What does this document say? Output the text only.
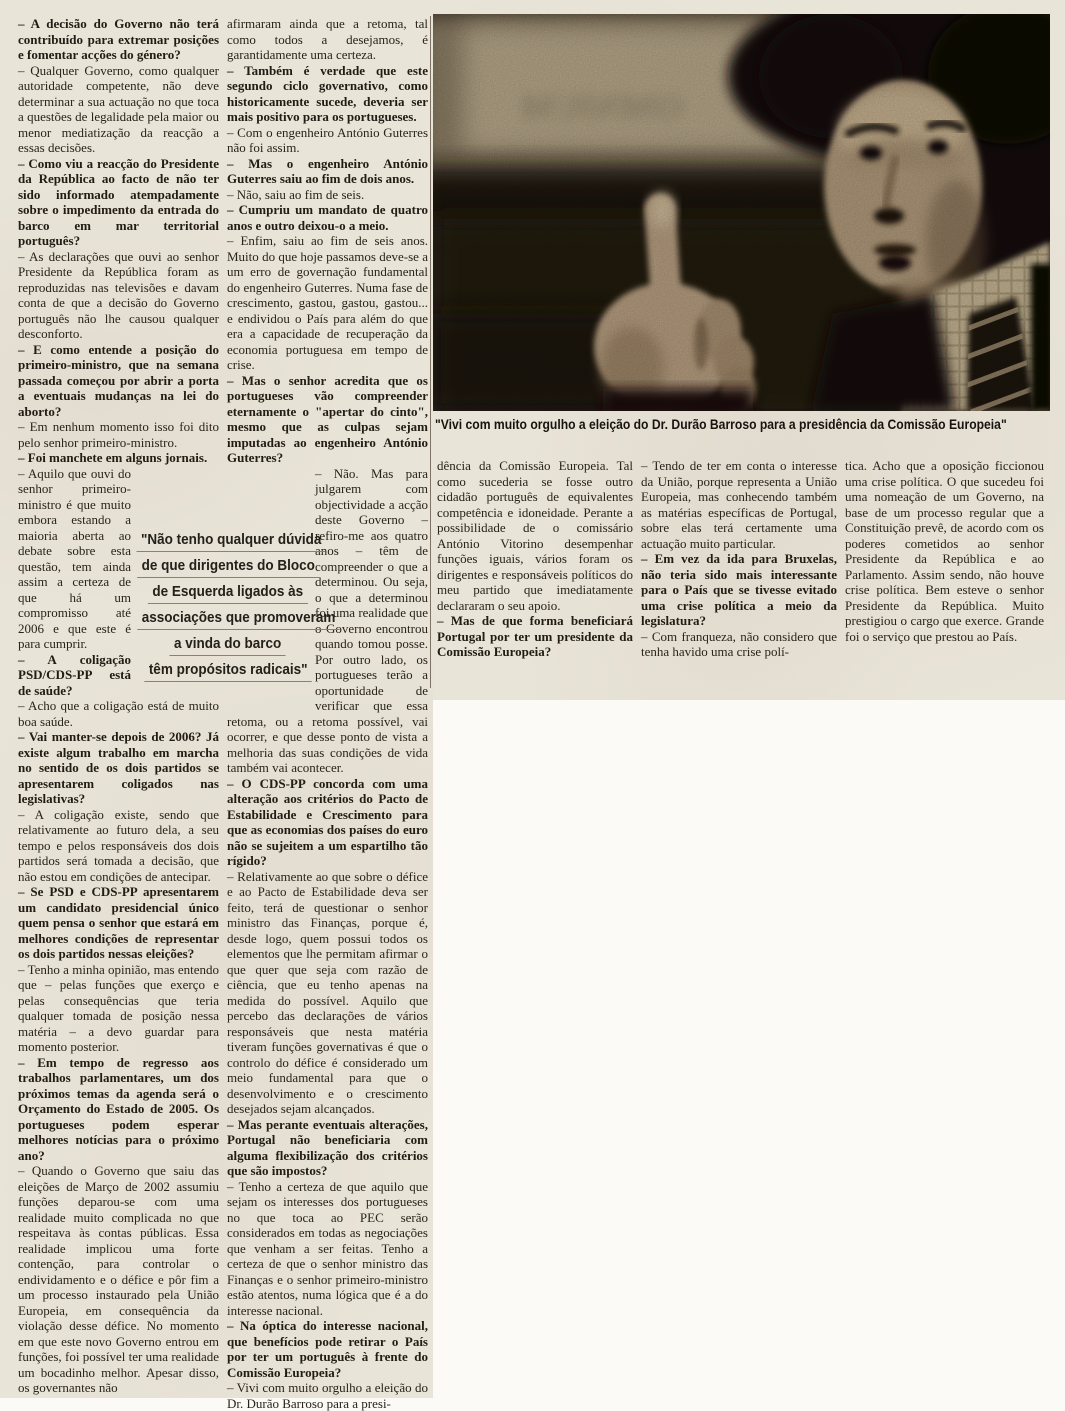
OMNIUM
"Vivi com muito orgulho a eleição do Dr. Durão Barroso para a presidência da Comissão Europeia"

– A decisão do Governo não terá contribuído para extremar posições e fomentar acções do género?

– Qualquer Governo, como qualquer autoridade competente, não deve determinar a sua actuação no que toca a questões de legalidade pela maior ou menor mediatização da reacção a essas decisões.

– Como viu a reacção do Presidente da República ao facto de não ter sido informado atempadamente sobre o impedimento da entrada do barco em mar territorial português?

– As declarações que ouvi ao senhor Presidente da República foram as reproduzidas nas televisões e davam conta de que a decisão do Governo português não lhe causou qualquer desconforto.

– E como entende a posição do primeiro-ministro, que na semana passada começou por abrir a porta a eventuais mudanças na lei do aborto?

– Em nenhum momento isso foi dito pelo senhor primeiro-ministro.

– Foi manchete em alguns jornais.

– Aquilo que ouvi do senhor primeiro-ministro é que muito embora estando a maioria aberta ao debate sobre esta questão, tem ainda assim a certeza de que há um compromisso até 2006 e que este é para cumprir.

– A coligação PSD/CDS-PP está de saúde?

– Acho que a coligação está de muito boa saúde.

– Vai manter-se depois de 2006? Já existe algum trabalho em marcha no sentido de os dois partidos se apresentarem coligados nas legislativas?

– A coligação existe, sendo que relativamente ao futuro dela, a seu tempo e pelos responsáveis dos dois partidos será tomada a decisão, que não estou em condições de antecipar.

– Se PSD e CDS-PP apresentarem um candidato presidencial único quem pensa o senhor que estará em melhores condições de representar os dois partidos nessas eleições?

– Tenho a minha opinião, mas entendo que – pelas funções que exerço e pelas consequências que teria qualquer tomada de posição nessa matéria – a devo guardar para momento posterior.

– Em tempo de regresso aos trabalhos parlamentares, um dos próximos temas da agenda será o Orçamento do Estado de 2005. Os portugueses podem esperar melhores notícias para o próximo ano?

– Quando o Governo que saiu das eleições de Março de 2002 assumiu funções deparou-se com uma realidade muito complicada no que respeitava às contas públicas. Essa realidade implicou uma forte contenção, para controlar o endividamento e o défice e pôr fim a um processo instaurado pela União Europeia, em consequência da violação desse défice. No momento em que este novo Governo entrou em funções, foi possível ter uma realidade um bocadinho melhor. Apesar disso, os governantes não

afirmaram ainda que a retoma, tal como todos a desejamos, é garantidamente uma certeza.

– Também é verdade que este segundo ciclo governativo, como historicamente sucede, deveria ser mais positivo para os portugueses.

– Com o engenheiro António Guterres não foi assim.

– Mas o engenheiro António Guterres saiu ao fim de dois anos.

– Não, saiu ao fim de seis.

– Cumpriu um mandato de quatro anos e outro deixou-o a meio.

– Enfim, saiu ao fim de seis anos. Muito do que hoje passamos deve-se a um erro de governação fundamental do engenheiro Guterres. Numa fase de crescimento, gastou, gastou, gastou... e endividou o País para além do que era a capacidade de recuperação da economia portuguesa em tempo de crise.

– Mas o senhor acredita que os portugueses vão compreender eternamente o "apertar do cinto", mesmo que as culpas sejam imputadas ao engenheiro António Guterres?

– Não. Mas para julgarem com objectividade a acção deste Governo – refiro-me aos quatro anos – têm de compreender o que a determinou. Ou seja, o que a determinou foi uma realidade que o Governo encontrou quando tomou posse. Por outro lado, os portugueses terão a oportunidade de verificar que essa retoma, ou a retoma possível, vai ocorrer, e que desse ponto de vista a melhoria das suas condições de vida também vai acontecer.

– O CDS-PP concorda com uma alteração aos critérios do Pacto de Estabilidade e Crescimento para que as economias dos países do euro não se sujeitem a um espartilho tão rígido?

– Relativamente ao que sobre o défice e ao Pacto de Estabilidade deva ser feito, terá de questionar o senhor ministro das Finanças, porque é, desde logo, quem possui todos os elementos que lhe permitam afirmar o que quer que seja com razão de ciência, que eu tenho apenas na medida do possível. Aquilo que percebo das declarações de vários responsáveis que nesta matéria tiveram funções governativas é que o controlo do défice é considerado um meio fundamental para que o desenvolvimento e o crescimento desejados sejam alcançados.

– Mas perante eventuais alterações, Portugal não beneficiaria com alguma flexibilização dos critérios que são impostos?

– Tenho a certeza de que aquilo que sejam os interesses dos portugueses no que toca ao PEC serão considerados em todas as negociações que venham a ser feitas. Tenho a certeza de que o senhor ministro das Finanças e o senhor primeiro-ministro estão atentos, numa lógica que é a do interesse nacional.

– Na óptica do interesse nacional, que benefícios pode retirar o País por ter um português à frente do Comissão Europeia?

– Vivi com muito orgulho a eleição do Dr. Durão Barroso para a presi-

dência da Comissão Europeia. Tal como sucederia se fosse outro cidadão português de equivalentes competência e idoneidade. Perante a possibilidade de o comissário António Vitorino desempenhar funções iguais, vários foram os dirigentes e responsáveis políticos do meu partido que imediatamente declararam o seu apoio.

– Mas de que forma beneficiará Portugal por ter um presidente da Comissão Europeia?

– Tendo de ter em conta o interesse da União, porque representa a União Europeia, mas conhecendo também as matérias específicas de Portugal, sobre elas terá certamente uma actuação muito particular.

– Em vez da ida para Bruxelas, não teria sido mais interessante para o País que se tivesse evitado uma crise política a meio da legislatura?

– Com franqueza, não considero que tenha havido uma crise polí-

tica. Acho que a oposição ficcionou uma crise política. O que sucedeu foi uma nomeação de um Governo, na base de um processo regular que a Constituição prevê, de acordo com os poderes cometidos ao senhor Presidente da República e ao Parlamento. Assim sendo, não houve crise política. Bem esteve o senhor Presidente da República. Muito prestigiou o cargo que exerce. Grande foi o serviço que prestou ao País.

"Não tenho qualquer dúvida
de que dirigentes do Bloco
de Esquerda ligados às
associações que promoveram
a vinda do barco
têm propósitos radicais"
